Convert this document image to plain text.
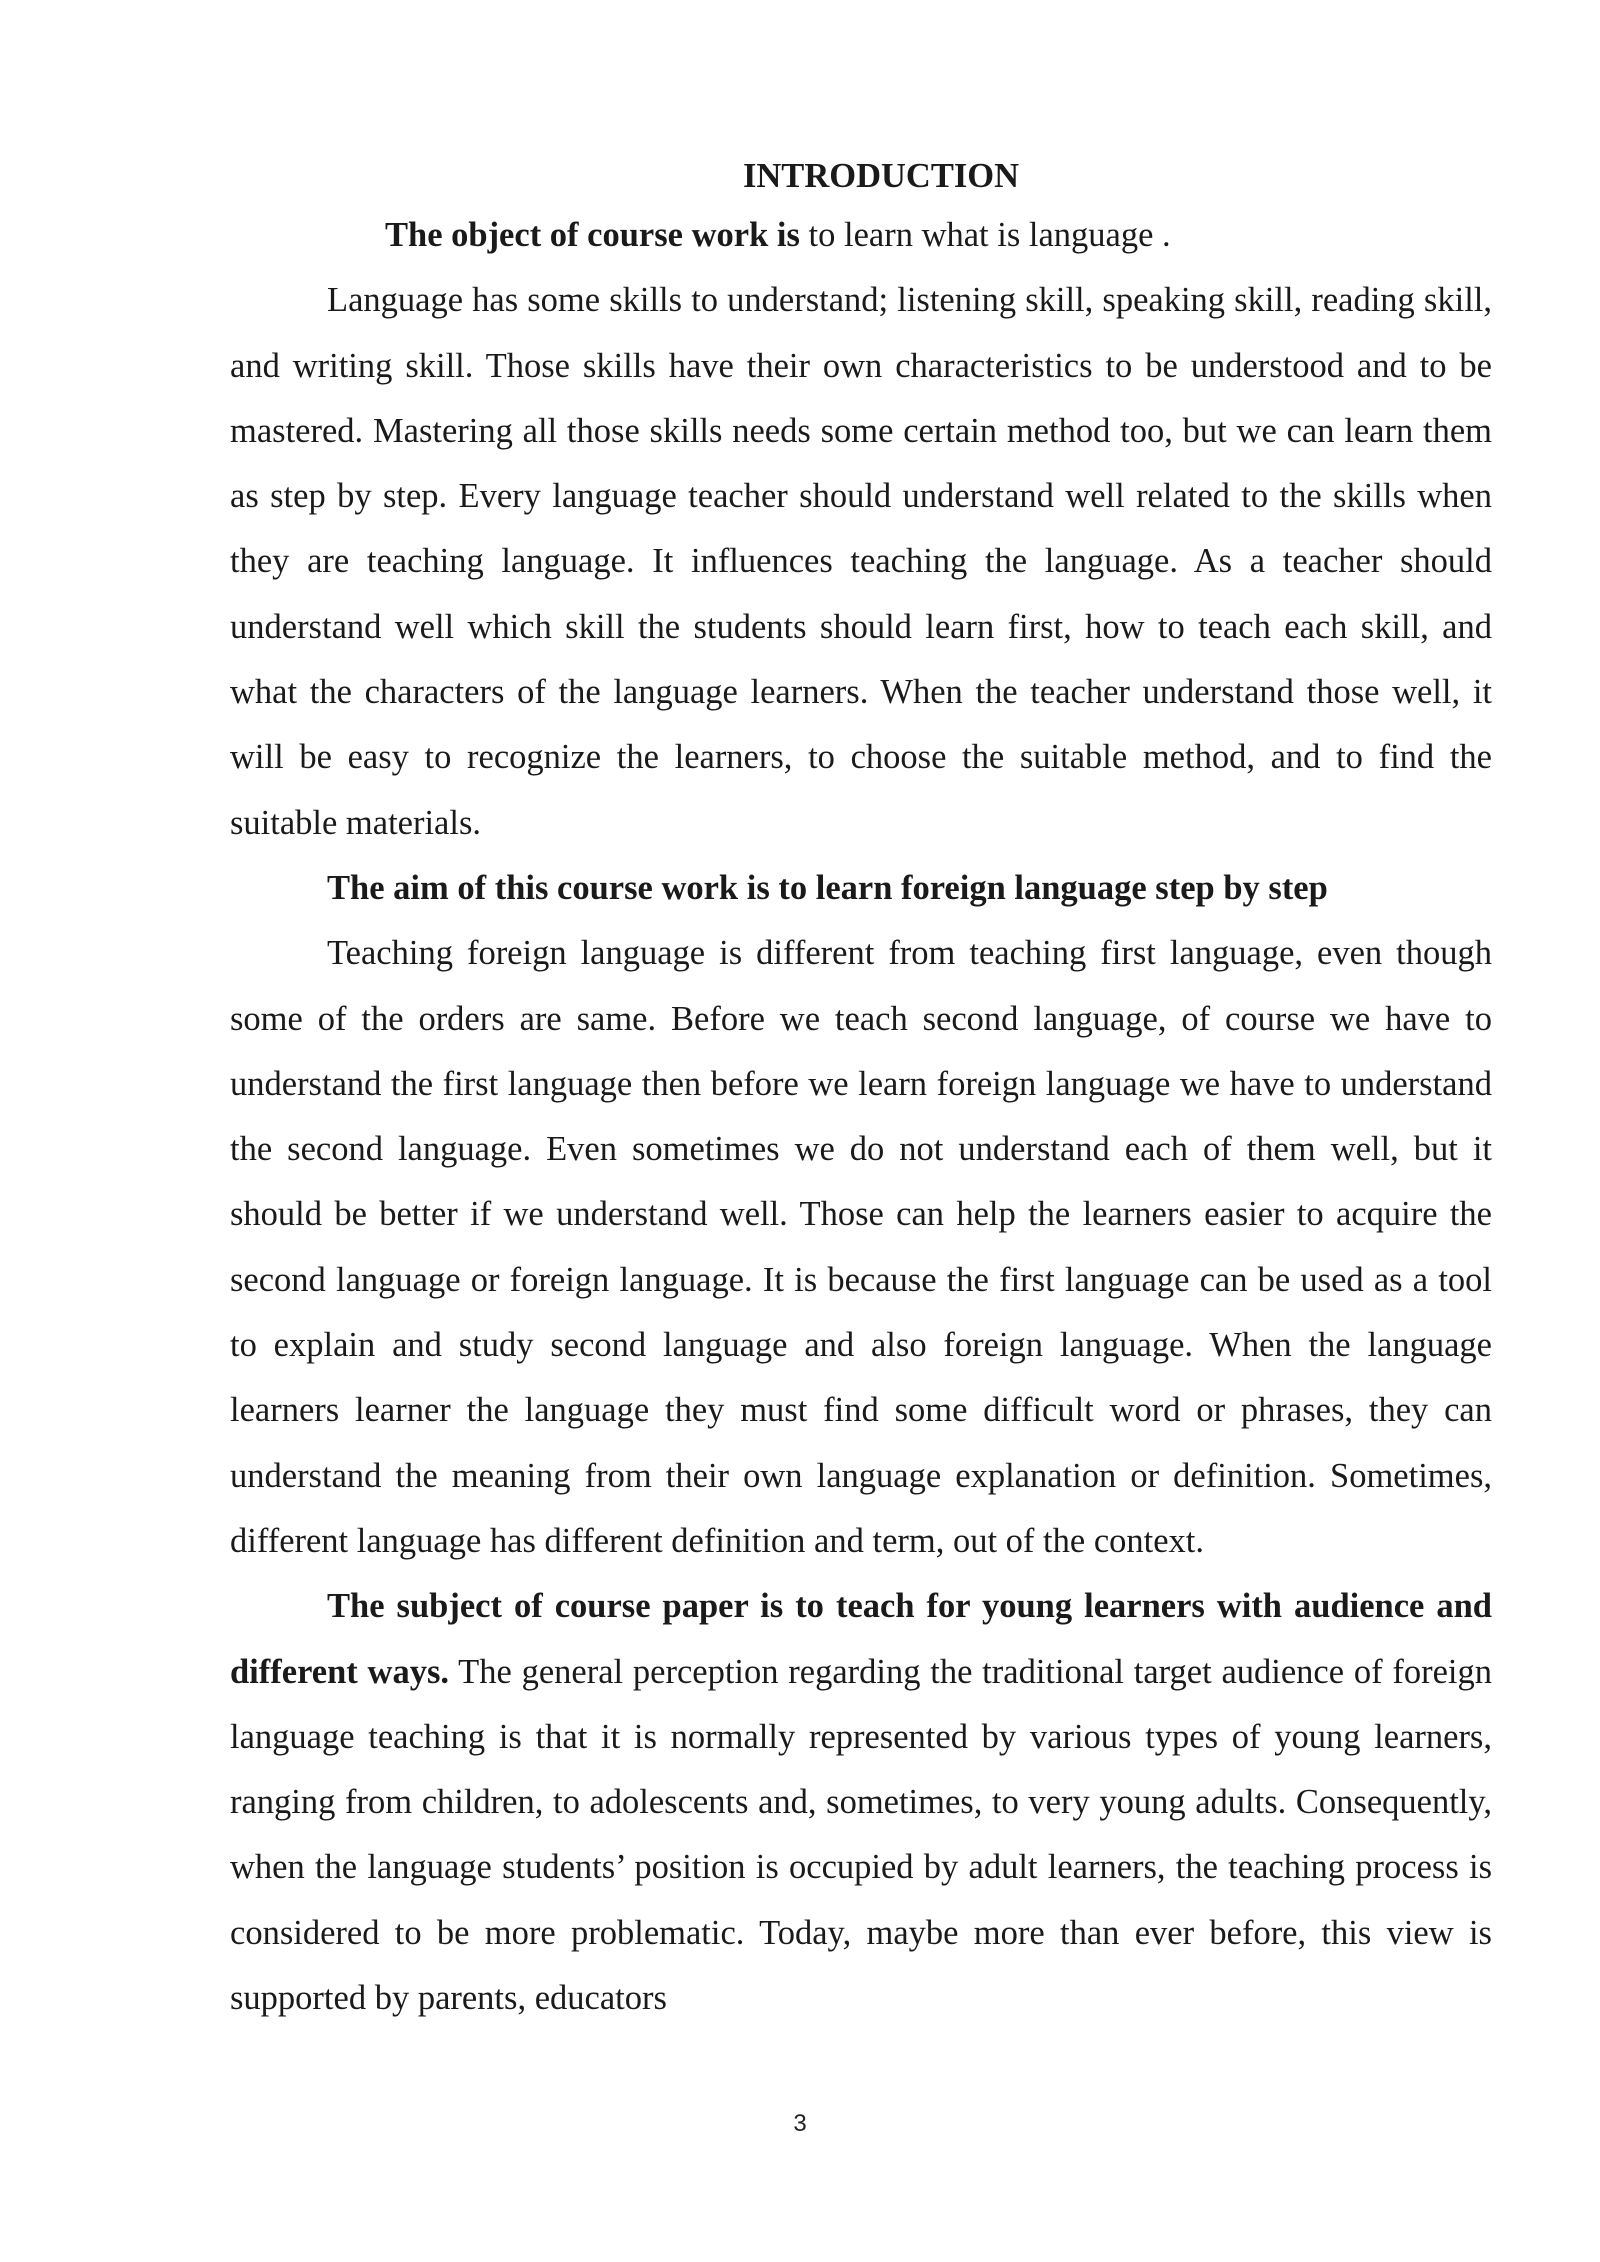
INTRODUCTION

The object of course work is to learn what is language .

Language has some skills to understand; listening skill, speaking skill, reading skill, and writing skill. Those skills have their own characteristics to be understood and to be mastered. Mastering all those skills needs some certain method too, but we can learn them as step by step. Every language teacher should understand well related to the skills when they are teaching language. It influences teaching the language. As a teacher should understand well which skill the students should learn first, how to teach each skill, and what the characters of the language learners. When the teacher understand those well, it will be easy to recognize the learners, to choose the suitable method, and to find the suitable materials.

The aim of this course work is to learn foreign language step by step

Teaching foreign language is different from teaching first language, even though some of the orders are same. Before we teach second language, of course we have to understand the first language then before we learn foreign language we have to understand the second language. Even sometimes we do not understand each of them well, but it should be better if we understand well. Those can help the learners easier to acquire the second language or foreign language. It is because the first language can be used as a tool to explain and study second language and also foreign language. When the language learners learner the language they must find some difficult word or phrases, they can understand the meaning from their own language explanation or definition. Sometimes, different language has different definition and term, out of the context.

The subject of course paper is to teach for young learners with audience and different ways. The general perception regarding the traditional target audience of foreign language teaching is that it is normally represented by various types of young learners, ranging from children, to adolescents and, sometimes, to very young adults. Consequently, when the language students’ position is occupied by adult learners, the teaching process is considered to be more problematic. Today, maybe more than ever before, this view is supported by parents, educators

3
